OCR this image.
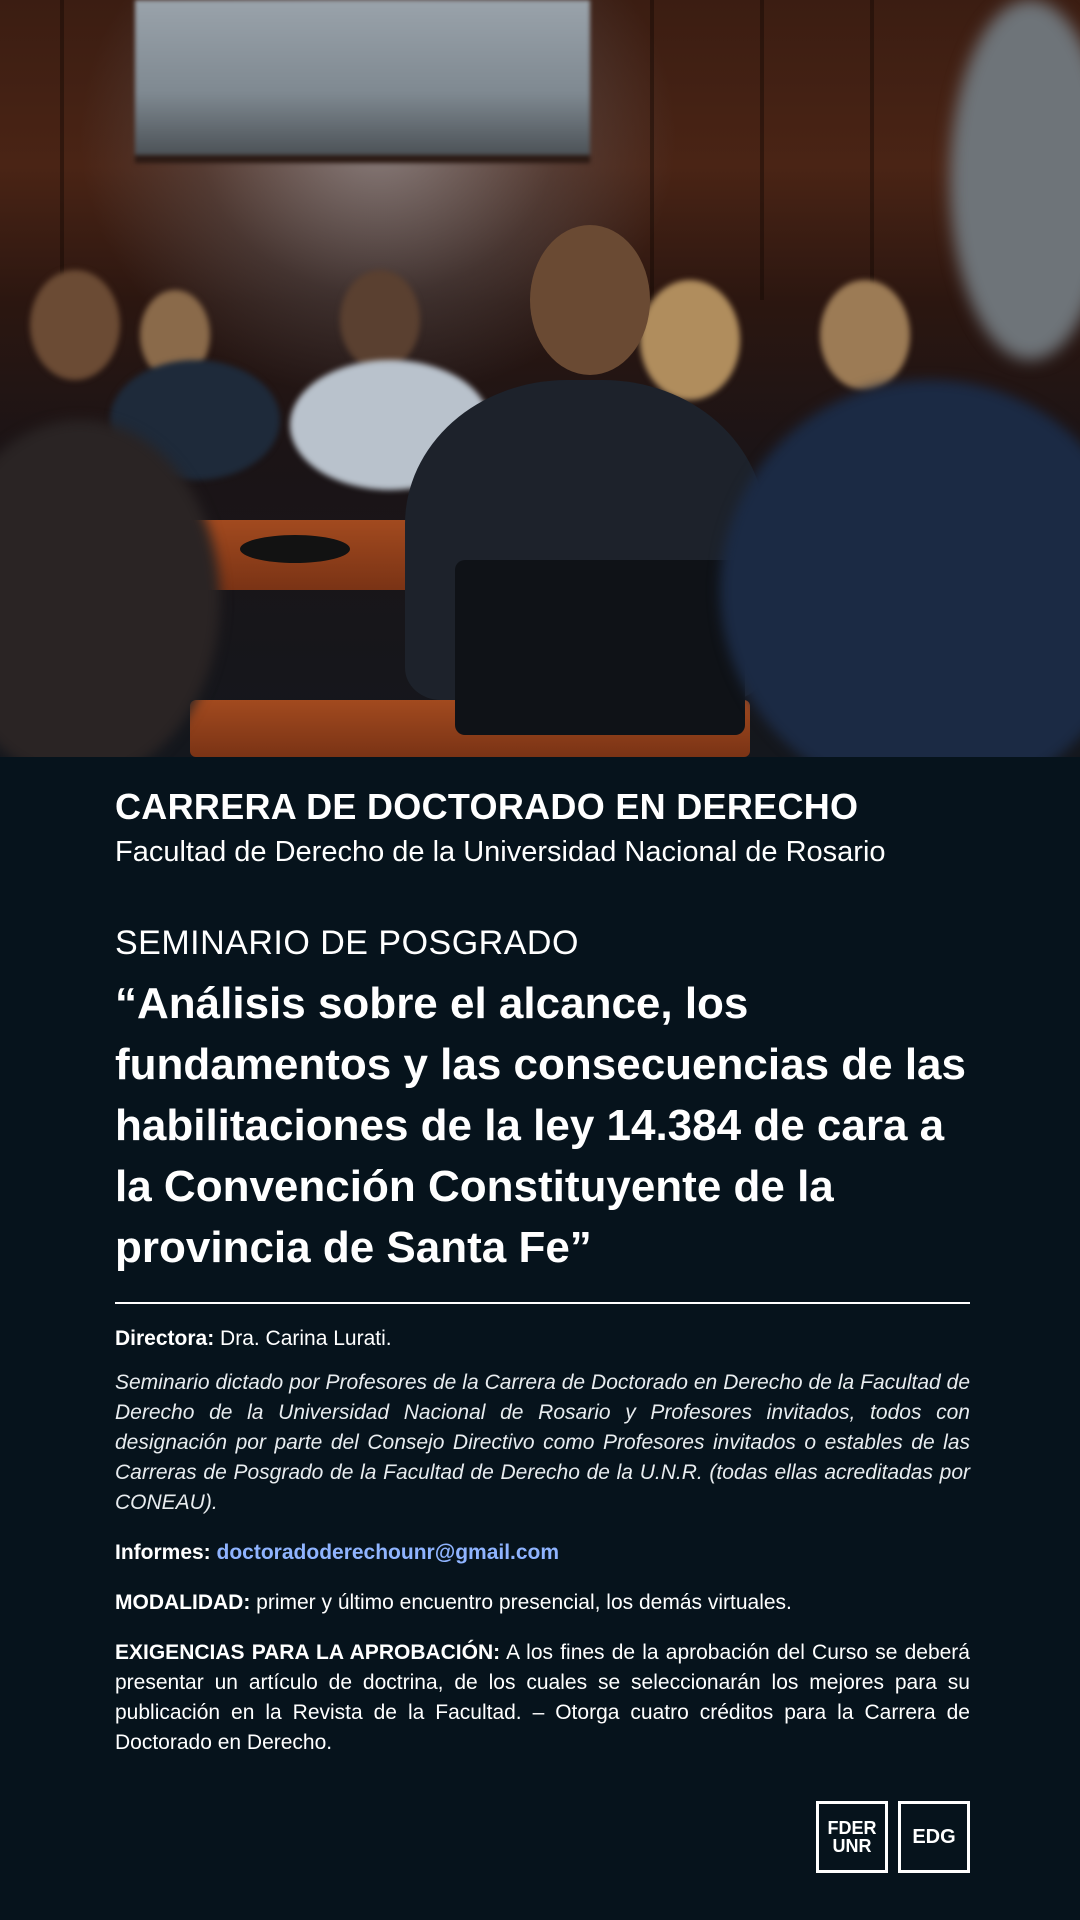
CARRERA DE DOCTORADO EN DERECHO
Facultad de Derecho de la Universidad Nacional de Rosario
SEMINARIO DE POSGRADO
“Análisis sobre el alcance, los fundamentos y las consecuencias de las habilitaciones de la ley 14.384 de cara a la Convención Constituyente de la provincia de Santa Fe”
Directora: Dra. Carina Lurati.
Seminario dictado por Profesores de la Carrera de Doctorado en Derecho de la Facultad de Derecho de la Universidad Nacional de Rosario y Profesores invitados, todos con designación por parte del Consejo Directivo como Profesores invitados o estables de las Carreras de Posgrado de la Facultad de Derecho de la U.N.R. (todas ellas acreditadas por CONEAU).
Informes: doctoradoderechounr@gmail.com
MODALIDAD: primer y último encuentro presencial, los demás virtuales.
EXIGENCIAS PARA LA APROBACIÓN: A los fines de la aprobación del Curso se deberá presentar un artículo de doctrina, de los cuales se seleccionarán los mejores para su publicación en la Revista de la Facultad. – Otorga cuatro créditos para la Carrera de Doctorado en Derecho.
FDER
UNR	EDG
